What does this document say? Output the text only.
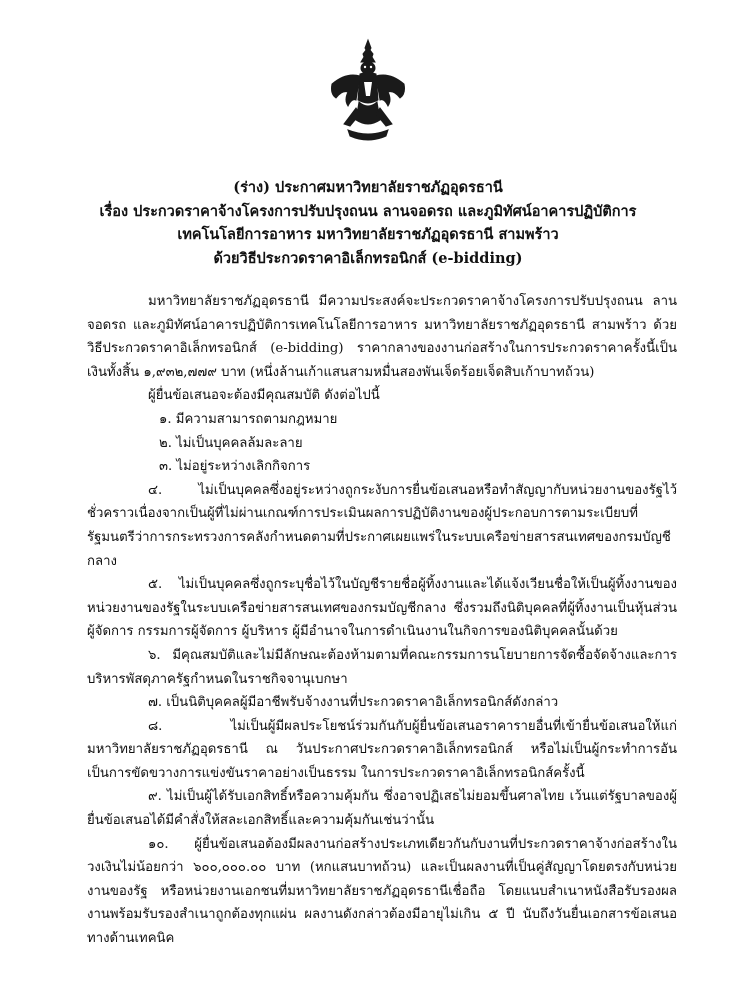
(ร่าง) ประกาศมหาวิทยาลัยราชภัฏอุดรธานี
เรื่อง ประกวดราคาจ้างโครงการปรับปรุงถนน ลานจอดรถ และภูมิทัศน์อาคารปฏิบัติการ
เทคโนโลยีการอาหาร มหาวิทยาลัยราชภัฏอุดรธานี สามพร้าว
ด้วยวิธีประกวดราคาอิเล็กทรอนิกส์ (e-bidding)
มหาวิทยาลัยราชภัฏอุดรธานี มีความประสงค์จะประกวดราคาจ้างโครงการปรับปรุงถนน ลานจอดรถ และภูมิทัศน์อาคารปฏิบัติการเทคโนโลยีการอาหาร มหาวิทยาลัยราชภัฏอุดรธานี สามพร้าว ด้วยวิธีประกวดราคาอิเล็กทรอนิกส์ (e-bidding) ราคากลางของงานก่อสร้างในการประกวดราคาครั้งนี้เป็นเงินทั้งสิ้น ๑,๙๓๒,๗๗๙ บาท (หนึ่งล้านเก้าแสนสามหมื่นสองพันเจ็ดร้อยเจ็ดสิบเก้าบาทถ้วน)
ผู้ยื่นข้อเสนอจะต้องมีคุณสมบัติ ดังต่อไปนี้
๑. มีความสามารถตามกฎหมาย
๒. ไม่เป็นบุคคลล้มละลาย
๓. ไม่อยู่ระหว่างเลิกกิจการ
๔. ไม่เป็นบุคคลซึ่งอยู่ระหว่างถูกระงับการยื่นข้อเสนอหรือทำสัญญากับหน่วยงานของรัฐไว้ชั่วคราวเนื่องจากเป็นผู้ที่ไม่ผ่านเกณฑ์การประเมินผลการปฏิบัติงานของผู้ประกอบการตามระเบียบที่รัฐมนตรีว่าการกระทรวงการคลังกำหนดตามที่ประกาศเผยแพร่ในระบบเครือข่ายสารสนเทศของกรมบัญชีกลาง
๕. ไม่เป็นบุคคลซึ่งถูกระบุชื่อไว้ในบัญชีรายชื่อผู้ทิ้งงานและได้แจ้งเวียนชื่อให้เป็นผู้ทิ้งงานของหน่วยงานของรัฐในระบบเครือข่ายสารสนเทศของกรมบัญชีกลาง ซึ่งรวมถึงนิติบุคคลที่ผู้ทิ้งงานเป็นหุ้นส่วนผู้จัดการ กรรมการผู้จัดการ ผู้บริหาร ผู้มีอำนาจในการดำเนินงานในกิจการของนิติบุคคลนั้นด้วย
๖. มีคุณสมบัติและไม่มีลักษณะต้องห้ามตามที่คณะกรรมการนโยบายการจัดซื้อจัดจ้างและการบริหารพัสดุภาครัฐกำหนดในราชกิจจานุเบกษา
๗. เป็นนิติบุคคลผู้มีอาชีพรับจ้างงานที่ประกวดราคาอิเล็กทรอนิกส์ดังกล่าว
๘. ไม่เป็นผู้มีผลประโยชน์ร่วมกันกับผู้ยื่นข้อเสนอราคารายอื่นที่เข้ายื่นข้อเสนอให้แก่มหาวิทยาลัยราชภัฏอุดรธานี ณ วันประกาศประกวดราคาอิเล็กทรอนิกส์ หรือไม่เป็นผู้กระทำการอันเป็นการขัดขวางการแข่งขันราคาอย่างเป็นธรรม ในการประกวดราคาอิเล็กทรอนิกส์ครั้งนี้
๙. ไม่เป็นผู้ได้รับเอกสิทธิ์หรือความคุ้มกัน ซึ่งอาจปฏิเสธไม่ยอมขึ้นศาลไทย เว้นแต่รัฐบาลของผู้ยื่นข้อเสนอได้มีคำสั่งให้สละเอกสิทธิ์และความคุ้มกันเช่นว่านั้น
๑๐. ผู้ยื่นข้อเสนอต้องมีผลงานก่อสร้างประเภทเดียวกันกับงานที่ประกวดราคาจ้างก่อสร้างในวงเงินไม่น้อยกว่า ๖๐๐,๐๐๐.๐๐ บาท (หกแสนบาทถ้วน) และเป็นผลงานที่เป็นคู่สัญญาโดยตรงกับหน่วยงานของรัฐ หรือหน่วยงานเอกชนที่มหาวิทยาลัยราชภัฏอุดรธานีเชื่อถือ โดยแนบสำเนาหนังสือรับรองผลงานพร้อมรับรองสำเนาถูกต้องทุกแผ่น ผลงานดังกล่าวต้องมีอายุไม่เกิน ๕ ปี นับถึงวันยื่นเอกสารข้อเสนอทางด้านเทคนิค
